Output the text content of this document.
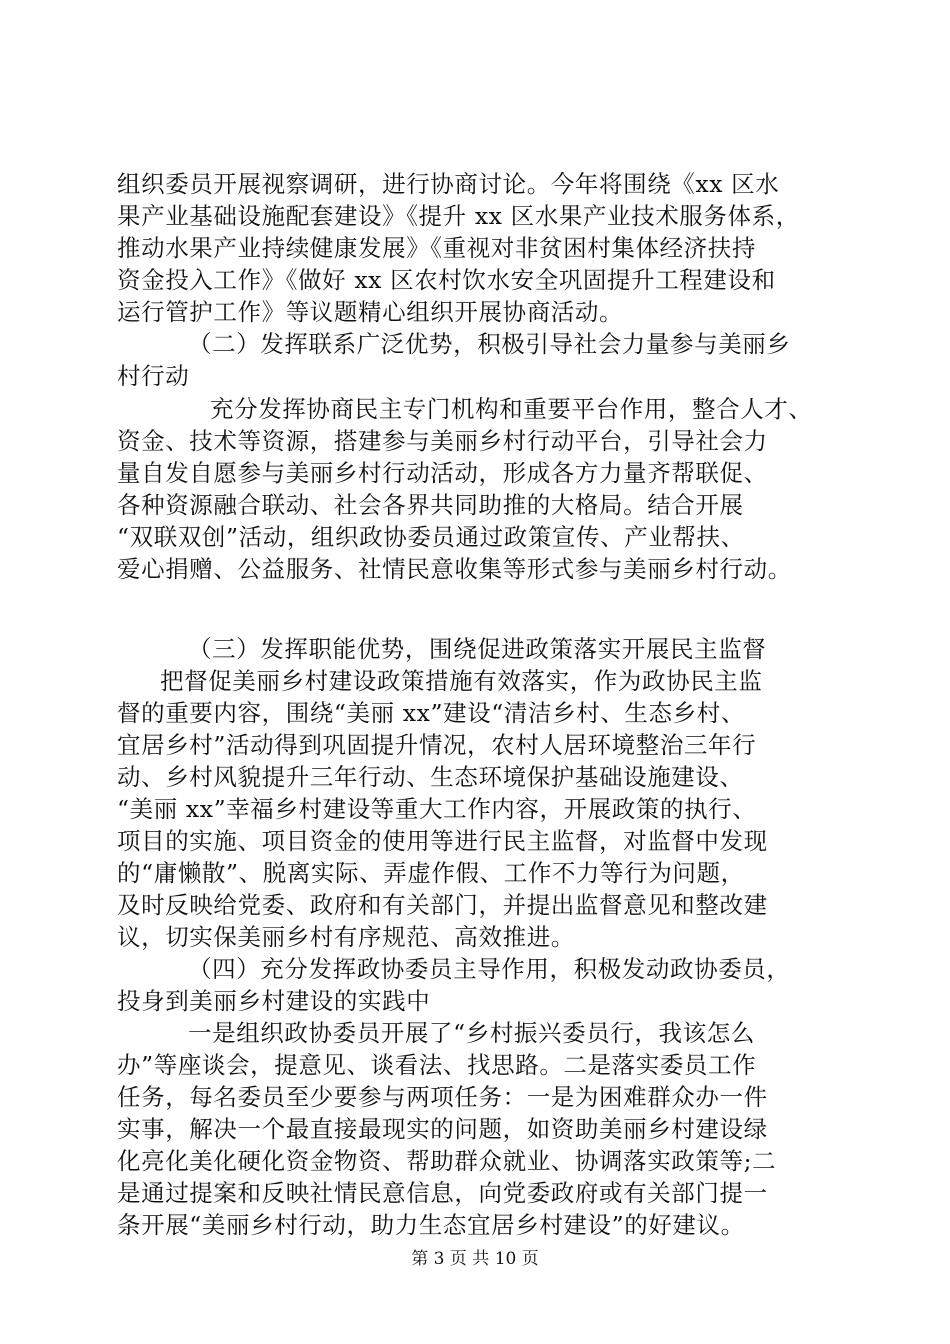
组织委员开展视察调研，进行协商讨论。今年将围绕《xx 区水
果产业基础设施配套建设》《提升 xx 区水果产业技术服务体系，
推动水果产业持续健康发展》《重视对非贫困村集体经济扶持
资金投入工作》《做好 xx 区农村饮水安全巩固提升工程建设和
运行管护工作》等议题精心组织开展协商活动。
（二）发挥联系广泛优势，积极引导社会力量参与美丽乡
村行动
充分发挥协商民主专门机构和重要平台作用，整合人才、
资金、技术等资源，搭建参与美丽乡村行动平台，引导社会力
量自发自愿参与美丽乡村行动活动，形成各方力量齐帮联促、
各种资源融合联动、社会各界共同助推的大格局。结合开展
“双联双创”活动，组织政协委员通过政策宣传、产业帮扶、
爱心捐赠、公益服务、社情民意收集等形式参与美丽乡村行动。
（三）发挥职能优势，围绕促进政策落实开展民主监督
把督促美丽乡村建设政策措施有效落实，作为政协民主监
督的重要内容，围绕“美丽 xx”建设“清洁乡村、生态乡村、
宜居乡村”活动得到巩固提升情况，农村人居环境整治三年行
动、乡村风貌提升三年行动、生态环境保护基础设施建设、
“美丽 xx”幸福乡村建设等重大工作内容，开展政策的执行、
项目的实施、项目资金的使用等进行民主监督，对监督中发现
的“庸懒散”、脱离实际、弄虚作假、工作不力等行为问题，
及时反映给党委、政府和有关部门，并提出监督意见和整改建
议，切实保美丽乡村有序规范、高效推进。
（四）充分发挥政协委员主导作用，积极发动政协委员，
投身到美丽乡村建设的实践中
一是组织政协委员开展了“乡村振兴委员行，我该怎么
办”等座谈会，提意见、谈看法、找思路。二是落实委员工作
任务，每名委员至少要参与两项任务：一是为困难群众办一件
实事，解决一个最直接最现实的问题，如资助美丽乡村建设绿
化亮化美化硬化资金物资、帮助群众就业、协调落实政策等;二
是通过提案和反映社情民意信息，向党委政府或有关部门提一
条开展“美丽乡村行动，助力生态宜居乡村建设”的好建议。
第 3 页 共 10 页
